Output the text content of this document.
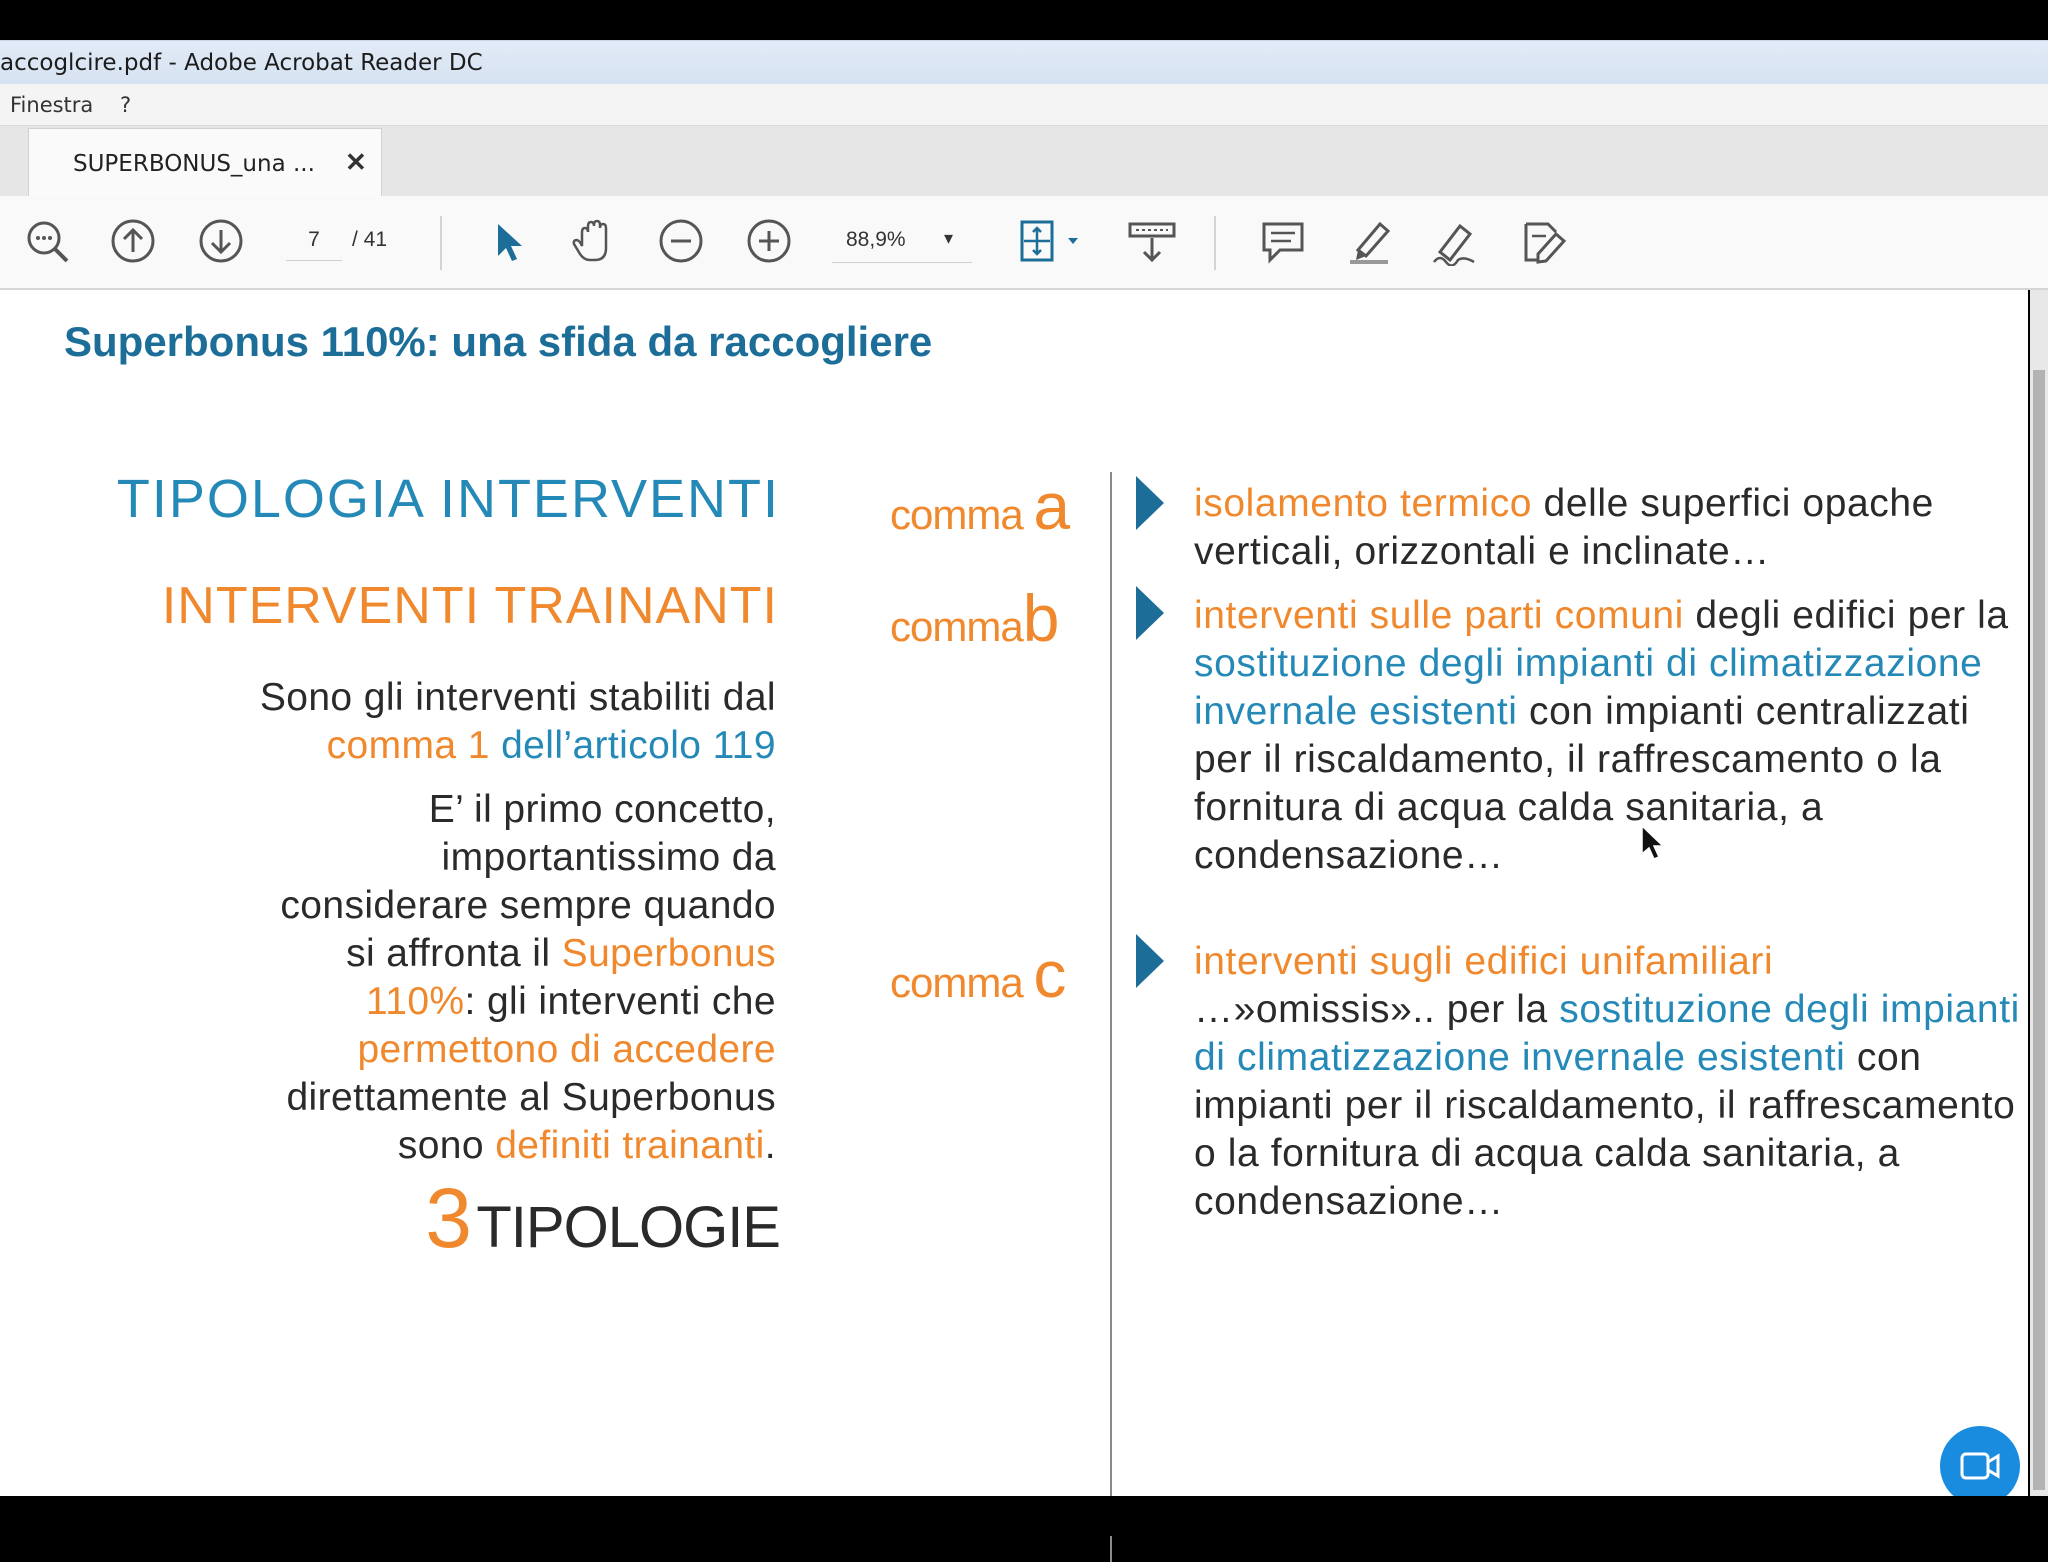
accoglcire.pdf - Adobe Acrobat Reader DC
Finestra ?
SUPERBONUS_una ... ✕
7	/ 41	88,9% ▾
Superbonus 110%: una sfida da raccogliere
TIPOLOGIA INTERVENTI
INTERVENTI TRAINANTI
Sono gli interventi stabiliti dal
comma 1 dell’articolo 119
E’ il primo concetto,
importantissimo da
considerare sempre quando
si affronta il Superbonus
110%: gli interventi che
permettono di accedere
direttamente al Superbonus
sono definiti trainanti.
3 TIPOLOGIE
comma a
commab
comma c
isolamento termico delle superfici opache verticali, orizzontali e inclinate…
interventi sulle parti comuni degli edifici per la sostituzione degli impianti di climatizzazione invernale esistenti con impianti centralizzati per il riscaldamento, il raffrescamento o la fornitura di acqua calda sanitaria, a condensazione…
interventi sugli edifici unifamiliari …»omissis».. per la sostituzione degli impianti di climatizzazione invernale esistenti con impianti per il riscaldamento, il raffrescamento o la fornitura di acqua calda sanitaria, a condensazione…
